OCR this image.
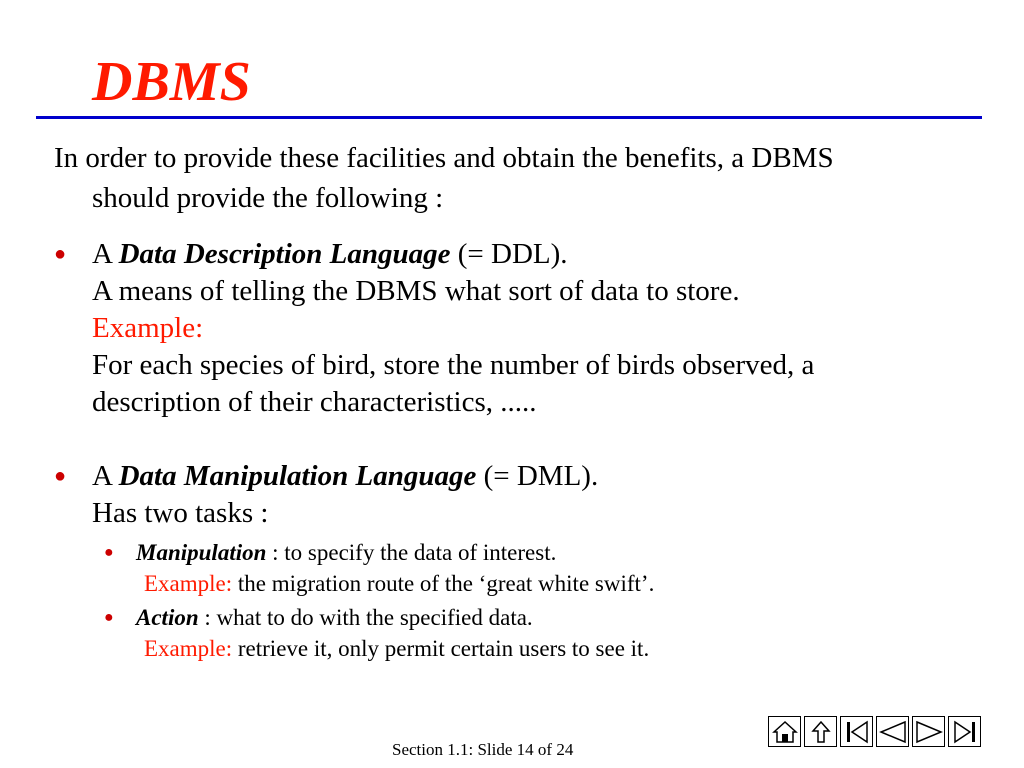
DBMS

In order to provide these facilities and obtain the benefits, a DBMS
should provide the following :

● A Data Description Language (= DDL).
A means of telling the DBMS what sort of data to store.
Example:
For each species of bird, store the number of birds observed, a
description of their characteristics, .....
● A Data Manipulation Language (= DML).
Has two tasks :
● Manipulation : to specify the data of interest.
Example: the migration route of the ‘great white swift’.
● Action : what to do with the specified data.
Example: retrieve it, only permit certain users to see it.
Section 1.1: Slide 14 of 24
